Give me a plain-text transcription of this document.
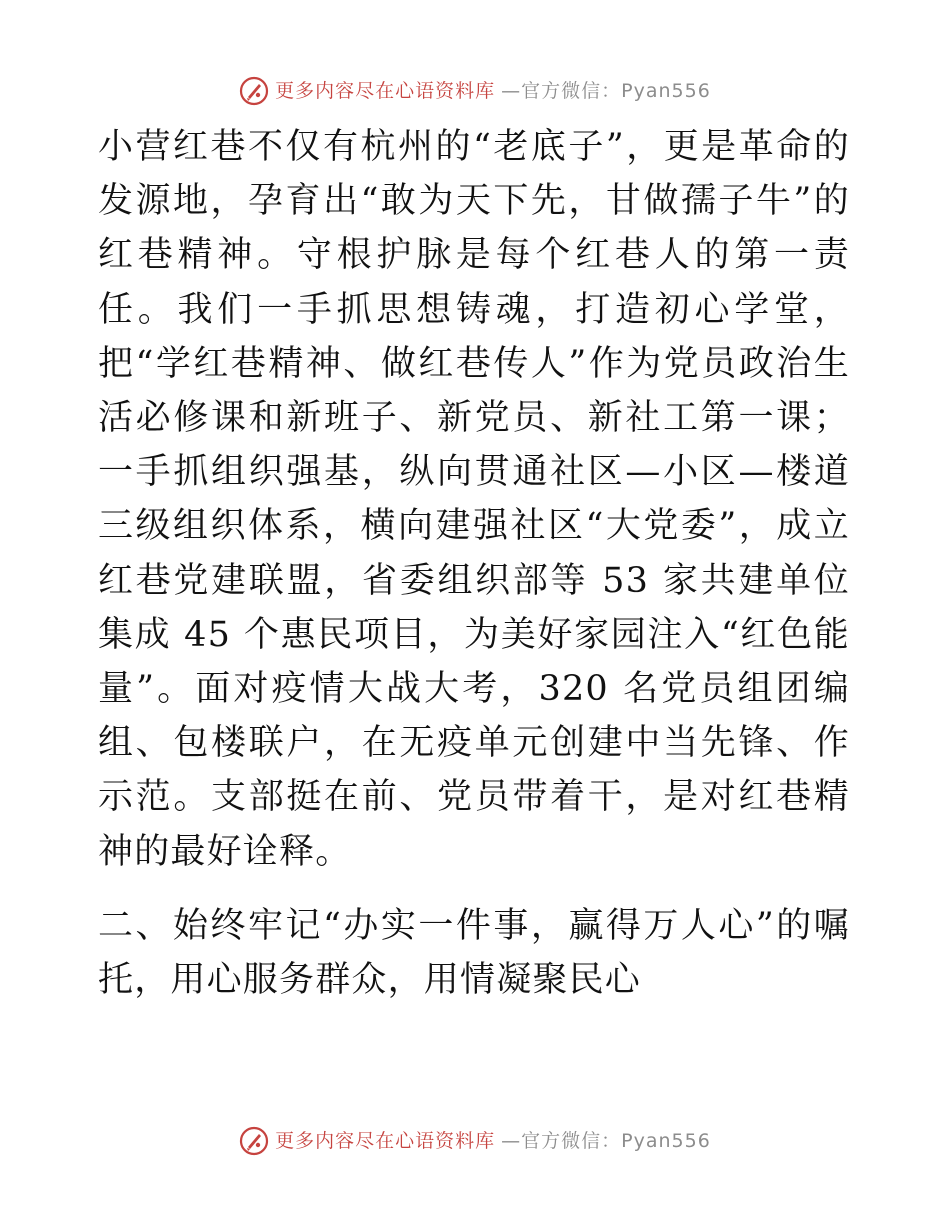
更多内容尽在心语资料库 —官方微信：Pyan556

小营红巷不仅有杭州的“老底子”，更是革命的发源地，孕育出“敢为天下先，甘做孺子牛”的红巷精神。守根护脉是每个红巷人的第一责任。我们一手抓思想铸魂，打造初心学堂，把“学红巷精神、做红巷传人”作为党员政治生活必修课和新班子、新党员、新社工第一课；一手抓组织强基，纵向贯通社区—小区—楼道三级组织体系，横向建强社区“大党委”，成立红巷党建联盟，省委组织部等 53 家共建单位集成 45 个惠民项目，为美好家园注入“红色能量”。面对疫情大战大考，320 名党员组团编组、包楼联户，在无疫单元创建中当先锋、作示范。支部挺在前、党员带着干，是对红巷精神的最好诠释。

二、始终牢记“办实一件事，赢得万人心”的嘱托，用心服务群众，用情凝聚民心

更多内容尽在心语资料库 —官方微信：Pyan556
